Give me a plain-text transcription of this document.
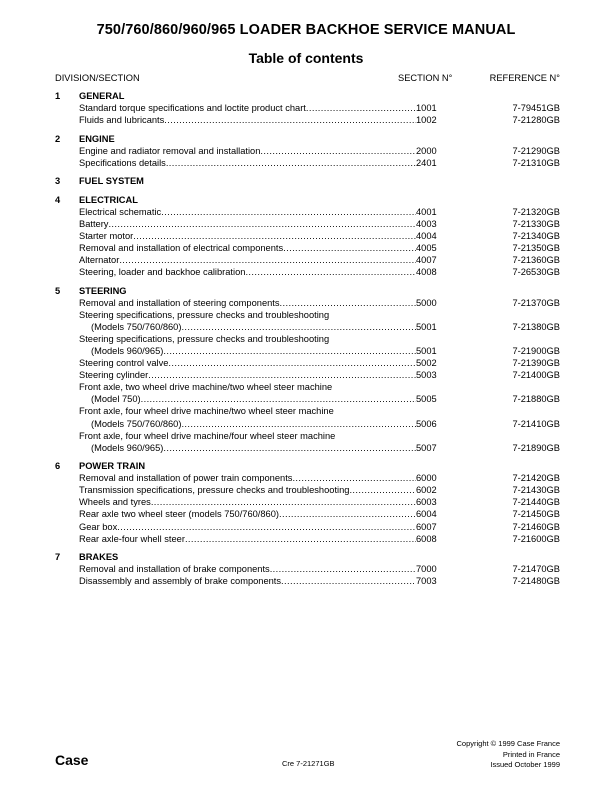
750/760/860/960/965 LOADER BACKHOE SERVICE MANUAL
Table of contents
DIVISION/SECTION	SECTION N°	REFERENCE N°
1	GENERAL
Standard torque specifications and loctite product chart .....	1001	7-79451GB
Fluids and lubricants .....	1002	7-21280GB
2	ENGINE
Engine and radiator removal and installation .....	2000	7-21290GB
Specifications details .....	2401	7-21310GB
3	FUEL SYSTEM
4	ELECTRICAL
Electrical schematic .....	4001	7-21320GB
Battery .....	4003	7-21330GB
Starter motor .....	4004	7-21340GB
Removal and installation of electrical components .....	4005	7-21350GB
Alternator .....	4007	7-21360GB
Steering, loader and backhoe calibration .....	4008	7-26530GB
5	STEERING
Removal and installation of steering components .....	5000	7-21370GB
Steering specifications, pressure checks and troubleshooting
(Models 750/760/860) .....	5001	7-21380GB
Steering specifications, pressure checks and troubleshooting
(Models 960/965) .....	5001	7-21900GB
Steering control valve .....	5002	7-21390GB
Steering cylinder .....	5003	7-21400GB
Front axle, two wheel drive machine/two wheel steer machine
(Model 750) .....	5005	7-21880GB
Front axle, four wheel drive machine/two wheel steer machine
(Models 750/760/860) .....	5006	7-21410GB
Front axle, four wheel drive machine/four wheel steer machine
(Models 960/965) .....	5007	7-21890GB
6	POWER TRAIN
Removal and installation of power train components .....	6000	7-21420GB
Transmission specifications, pressure checks and troubleshooting .....	6002	7-21430GB
Wheels and tyres .....	6003	7-21440GB
Rear axle two wheel steer (models 750/760/860) .....	6004	7-21450GB
Gear box .....	6007	7-21460GB
Rear axle-four whell steer .....	6008	7-21600GB
7	BRAKES
Removal and installation of brake components .....	7000	7-21470GB
Disassembly and assembly of brake components .....	7003	7-21480GB
Case	Cre 7-21271GB
Copyright © 1999 Case France
Printed in France
Issued October 1999
